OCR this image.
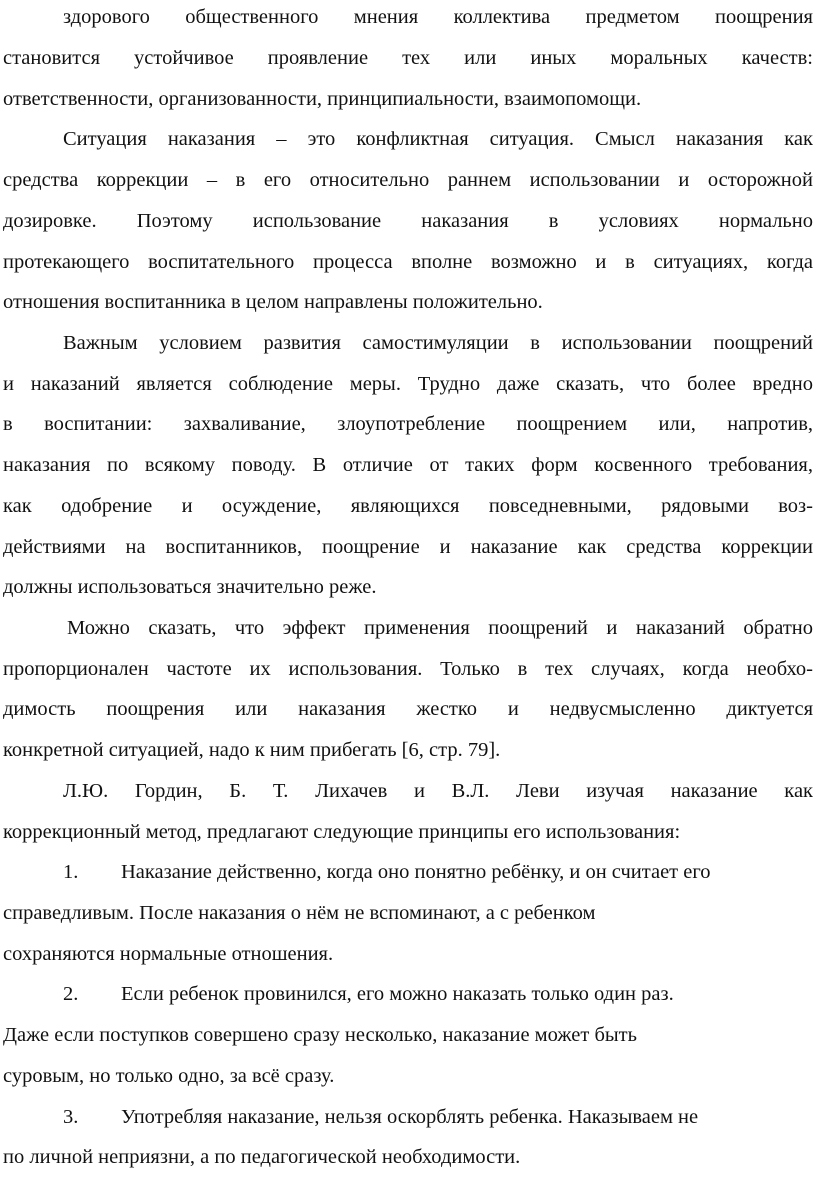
здорового общественного мнения коллектива предметом поощрения
становится устойчивое проявление тех или иных моральных качеств:
ответственности, организованности, принципиальности, взаимопомощи.
Ситуация наказания – это конфликтная ситуация. Смысл наказания как
средства коррекции – в его относительно раннем использовании и осторожной
дозировке. Поэтому использование наказания в условиях нормально
протекающего воспитательного процесса вполне возможно и в ситуациях, когда
отношения воспитанника в целом направлены положительно.
Важным условием развития самостимуляции в использовании поощрений
и наказаний является соблюдение меры. Трудно даже сказать, что более вредно
в воспитании: захваливание, злоупотребление поощрением или, напротив,
наказания по всякому поводу. В отличие от таких форм косвенного требования,
как одобрение и осуждение, являющихся повседневными, рядовыми воз-
действиями на воспитанников, поощрение и наказание как средства коррекции
должны использоваться значительно реже.
Можно сказать, что эффект применения поощрений и наказаний обратно
пропорционален частоте их использования. Только в тех случаях, когда необхо-
димость поощрения или наказания жестко и недвусмысленно диктуется
конкретной ситуацией, надо к ним прибегать [6, стр. 79].
Л.Ю. Гордин, Б. Т. Лихачев и В.Л. Леви изучая наказание как
коррекционный метод, предлагают следующие принципы его использования:
1. Наказание действенно, когда оно понятно ребёнку, и он считает его
справедливым. После наказания о нём не вспоминают, а с ребенком
сохраняются нормальные отношения.
2. Если ребенок провинился, его можно наказать только один раз.
Даже если поступков совершено сразу несколько, наказание может быть
суровым, но только одно, за всё сразу.
3. Употребляя наказание, нельзя оскорблять ребенка. Наказываем не
по личной неприязни, а по педагогической необходимости.
